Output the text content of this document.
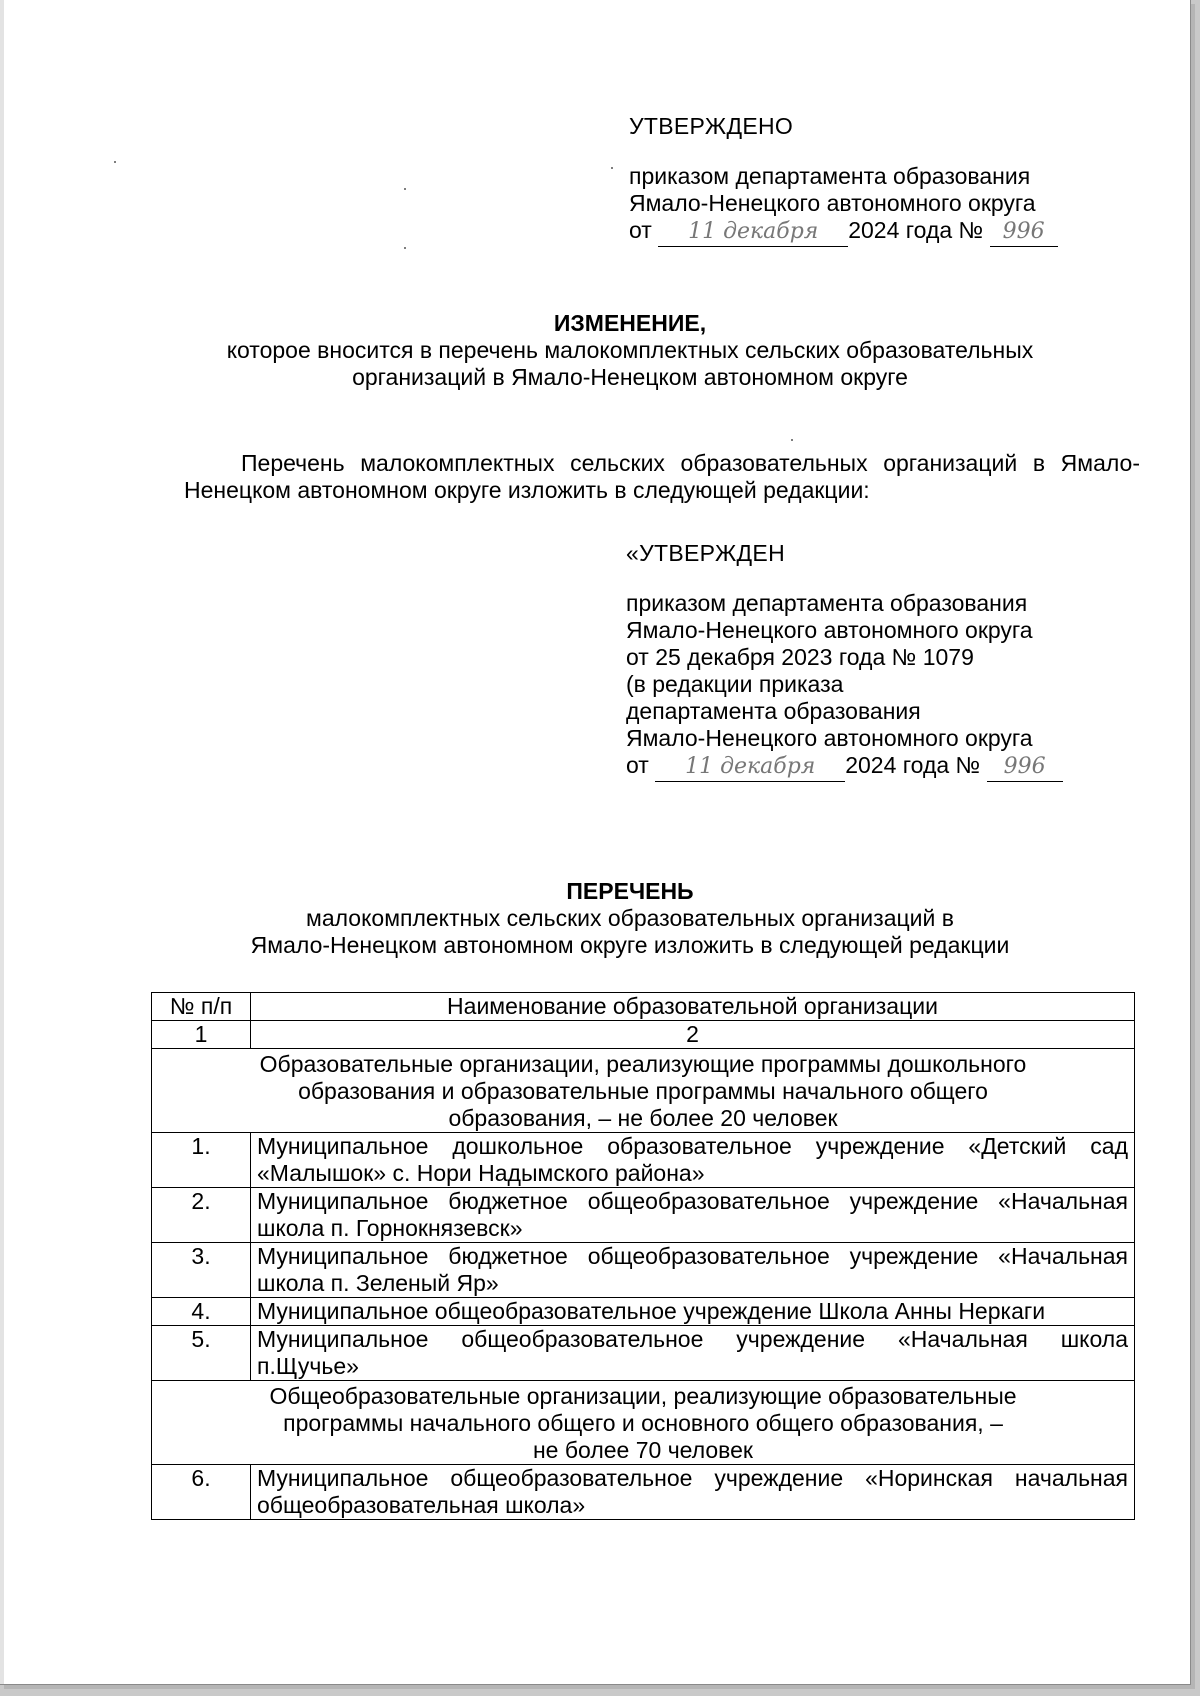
УТВЕРЖДЕНО
приказом департамента образования
Ямало-Ненецкого автономного округа
от 11 декабря 2024 года № 996
ИЗМЕНЕНИЕ,
которое вносится в перечень малокомплектных сельских образовательных
организаций в Ямало-Ненецком автономном округе
Перечень малокомплектных сельских образовательных организаций в Ямало-Ненецком автономном округе изложить в следующей редакции:
«УТВЕРЖДЕН
приказом департамента образования
Ямало-Ненецкого автономного округа
от 25 декабря 2023 года № 1079
(в редакции приказа
департамента образования
Ямало-Ненецкого автономного округа
от 11 декабря 2024 года № 996
ПЕРЕЧЕНЬ
малокомплектных сельских образовательных организаций в
Ямало-Ненецком автономном округе изложить в следующей редакции
№ п/п	Наименование образовательной организации
1	2

Образовательные организации, реализующие программы дошкольного
образования и образовательные программы начального общего
образования, – не более 20 человек	

1.	Муниципальное дошкольное образовательное учреждение «Детский сад «Малышок» с. Нори Надымского района»
2.	Муниципальное бюджетное общеобразовательное учреждение «Начальная школа п. Горнокнязевск»
3.	Муниципальное бюджетное общеобразовательное учреждение «Начальная школа п. Зеленый Яр»
4.	Муниципальное общеобразовательное учреждение Школа Анны Неркаги
5.	Муниципальное общеобразовательное учреждение «Начальная школа п.Щучье»

Общеобразовательные организации, реализующие образовательные
программы начального общего и основного общего образования, –
не более 70 человек	

6.	Муниципальное общеобразовательное учреждение «Норинская начальная общеобразовательная школа»
